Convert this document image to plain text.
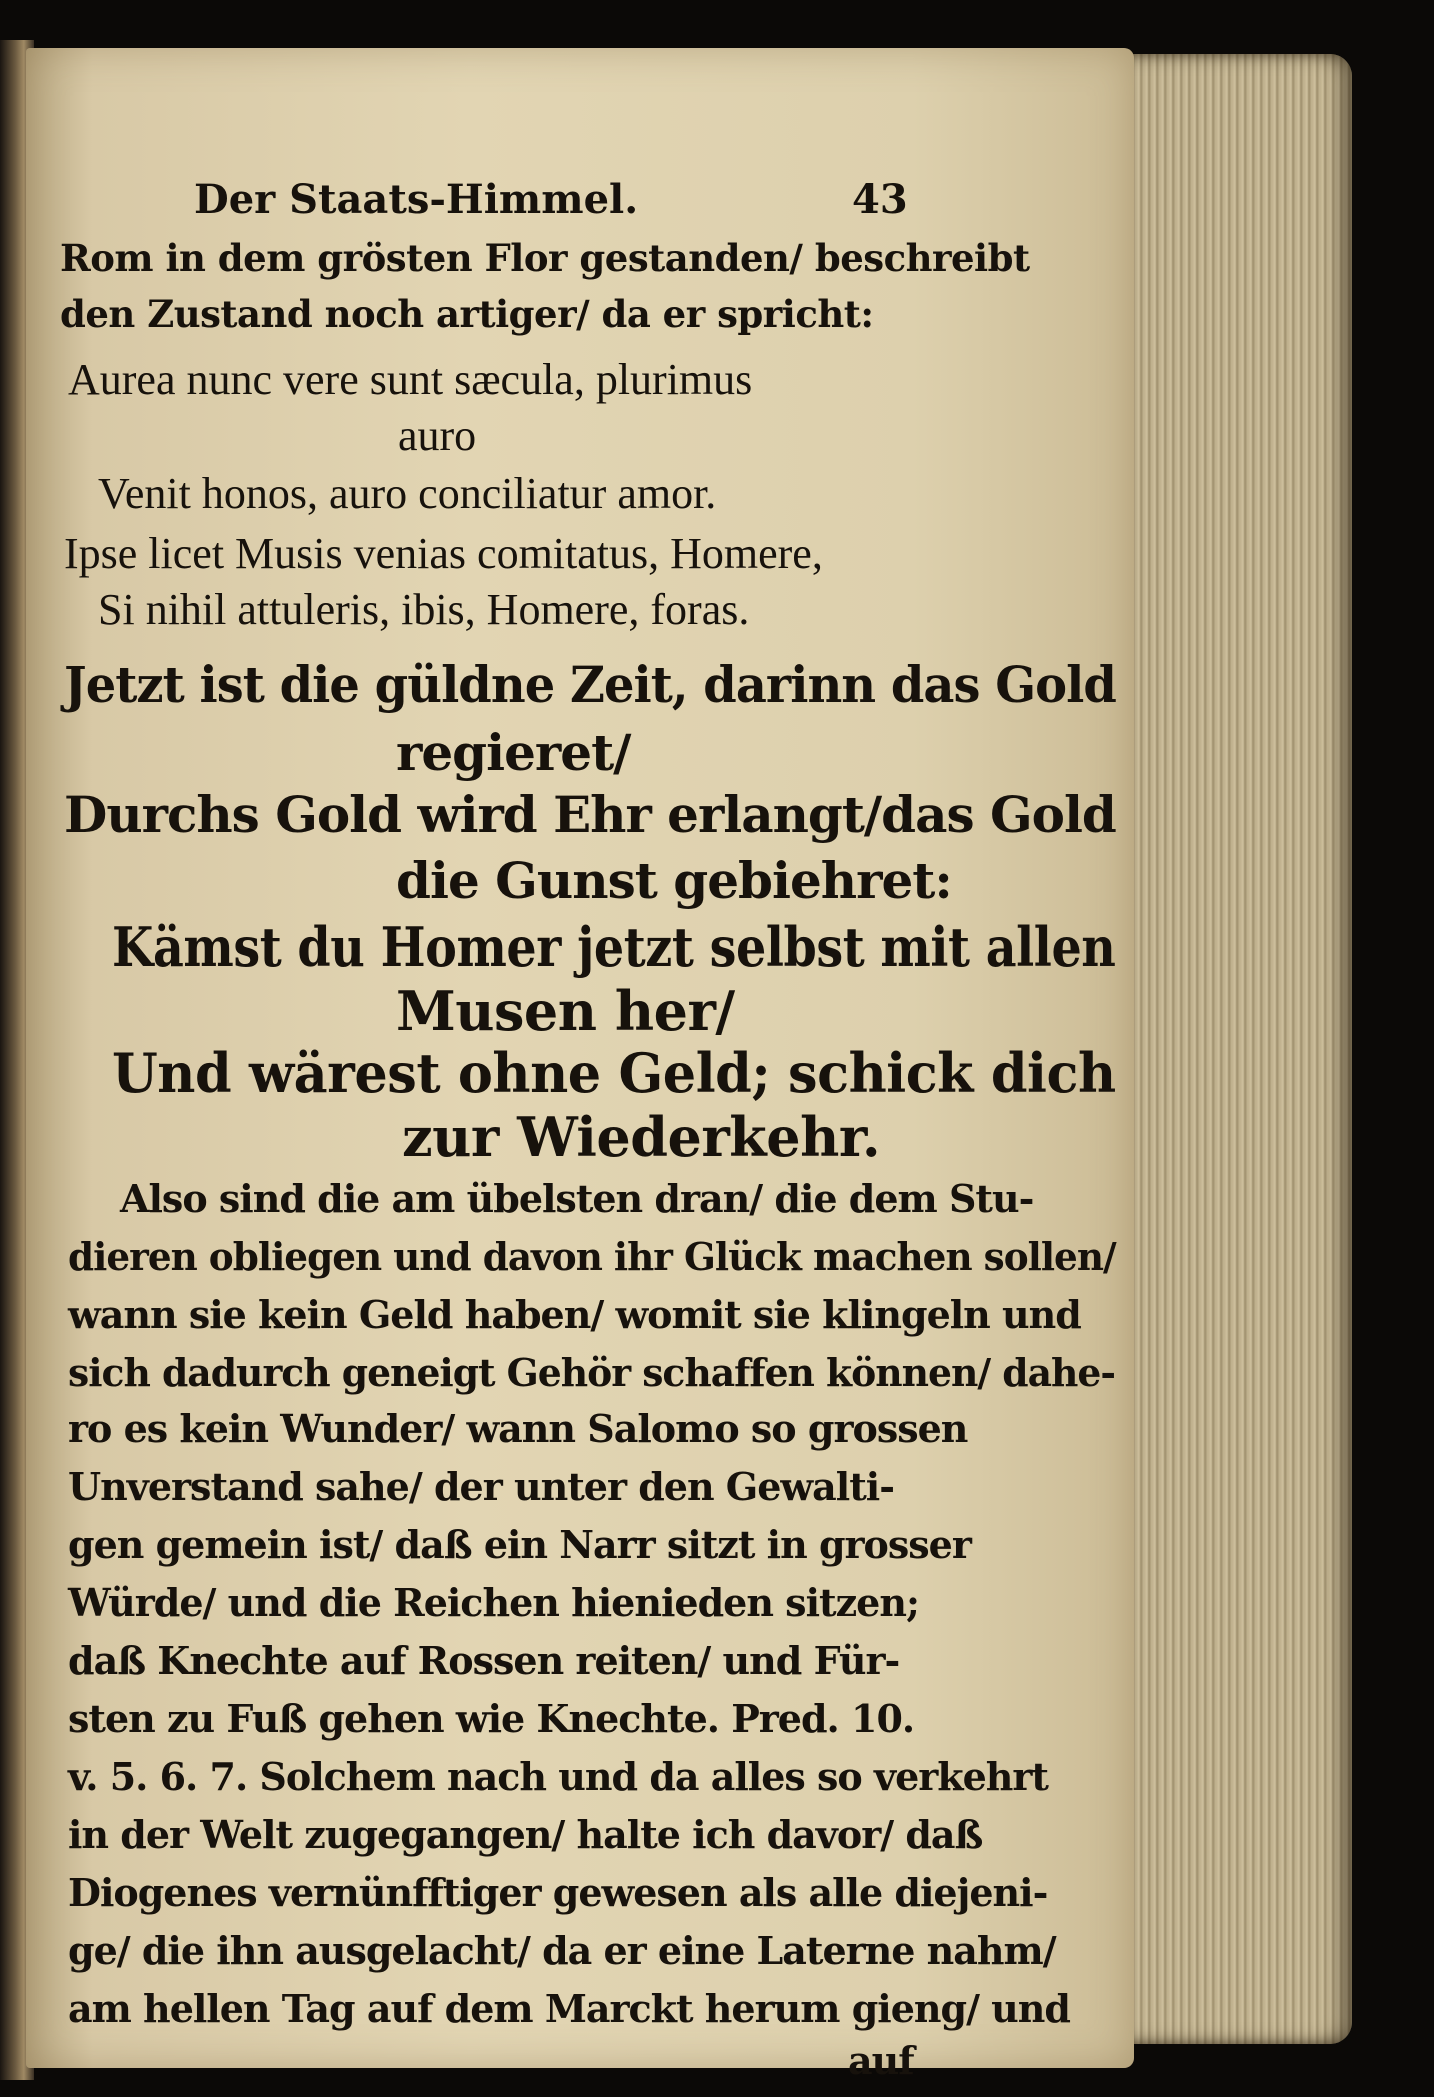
Der Staats-Himmel.	43
Rom in dem grösten Flor gestanden/ beschreibt
den Zustand noch artiger/ da er spricht:
Aurea nunc vere sunt sæcula, plurimus
auro
Venit honos, auro conciliatur amor.
Ipse licet Musis venias comitatus, Homere,
Si nihil attuleris, ibis, Homere, foras.
Jetzt ist die güldne Zeit, darinn das Gold
regieret/
Durchs Gold wird Ehr erlangt/das Gold
die Gunst gebiehret:
Kämst du Homer jetzt selbst mit allen
Musen her/
Und wärest ohne Geld; schick dich
zur Wiederkehr.
Also sind die am übelsten dran/ die dem Stu-
dieren obliegen und davon ihr Glück machen sollen/
wann sie kein Geld haben/ womit sie klingeln und
sich dadurch geneigt Gehör schaffen können/ dahe-
ro es kein Wunder/ wann Salomo so grossen
Unverstand sahe/ der unter den Gewalti-
gen gemein ist/ daß ein Narr sitzt in grosser
Würde/ und die Reichen hienieden sitzen;
daß Knechte auf Rossen reiten/ und Für-
sten zu Fuß gehen wie Knechte. Pred. 10.
v. 5. 6. 7. Solchem nach und da alles so verkehrt
in der Welt zugegangen/ halte ich davor/ daß
Diogenes vernünfftiger gewesen als alle diejeni-
ge/ die ihn ausgelacht/ da er eine Laterne nahm/
am hellen Tag auf dem Marckt herum gieng/ und
auf
